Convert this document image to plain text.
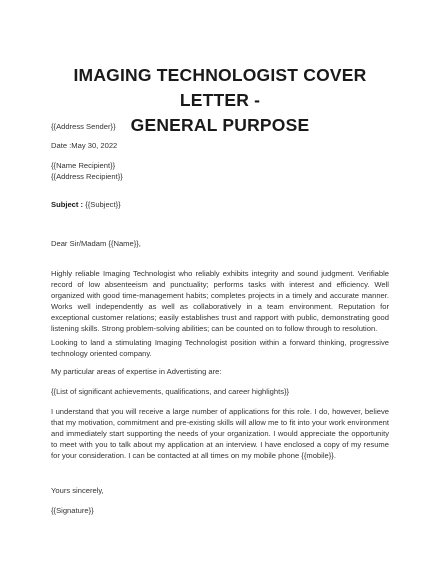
IMAGING TECHNOLOGIST COVER LETTER -
GENERAL PURPOSE

{{Address Sender}}

Date :May 30, 2022

{{Name Recipient}}

{{Address Recipient}}

Subject : {{Subject}}

Dear Sir/Madam {{Name}},

Highly reliable Imaging Technologist who reliably exhibits integrity and sound judgment. Verifiable record of low absenteeism and punctuality; performs tasks with interest and efficiency. Well organized with good time-management habits; completes projects in a timely and accurate manner. Works well independently as well as collaboratively in a team environment. Reputation for exceptional customer relations; easily establishes trust and rapport with public, demonstrating good listening skills. Strong problem-solving abilities; can be counted on to follow through to resolution.

Looking to land a stimulating Imaging Technologist position within a forward thinking, progressive technology oriented company.

My particular areas of expertise in Advertisting are:

{{List of significant achievements, qualifications, and career highlights}}

I understand that you will receive a large number of applications for this role. I do, however, believe that my motivation, commitment and pre-existing skills will allow me to fit into your work environment and immediately start supporting the needs of your organization. I would appreciate the opportunity to meet with you to talk about my application at an interview. I have enclosed a copy of my resume for your consideration. I can be contacted at all times on my mobile phone {{mobile}}.

Yours sincerely,

{{Signature}}
